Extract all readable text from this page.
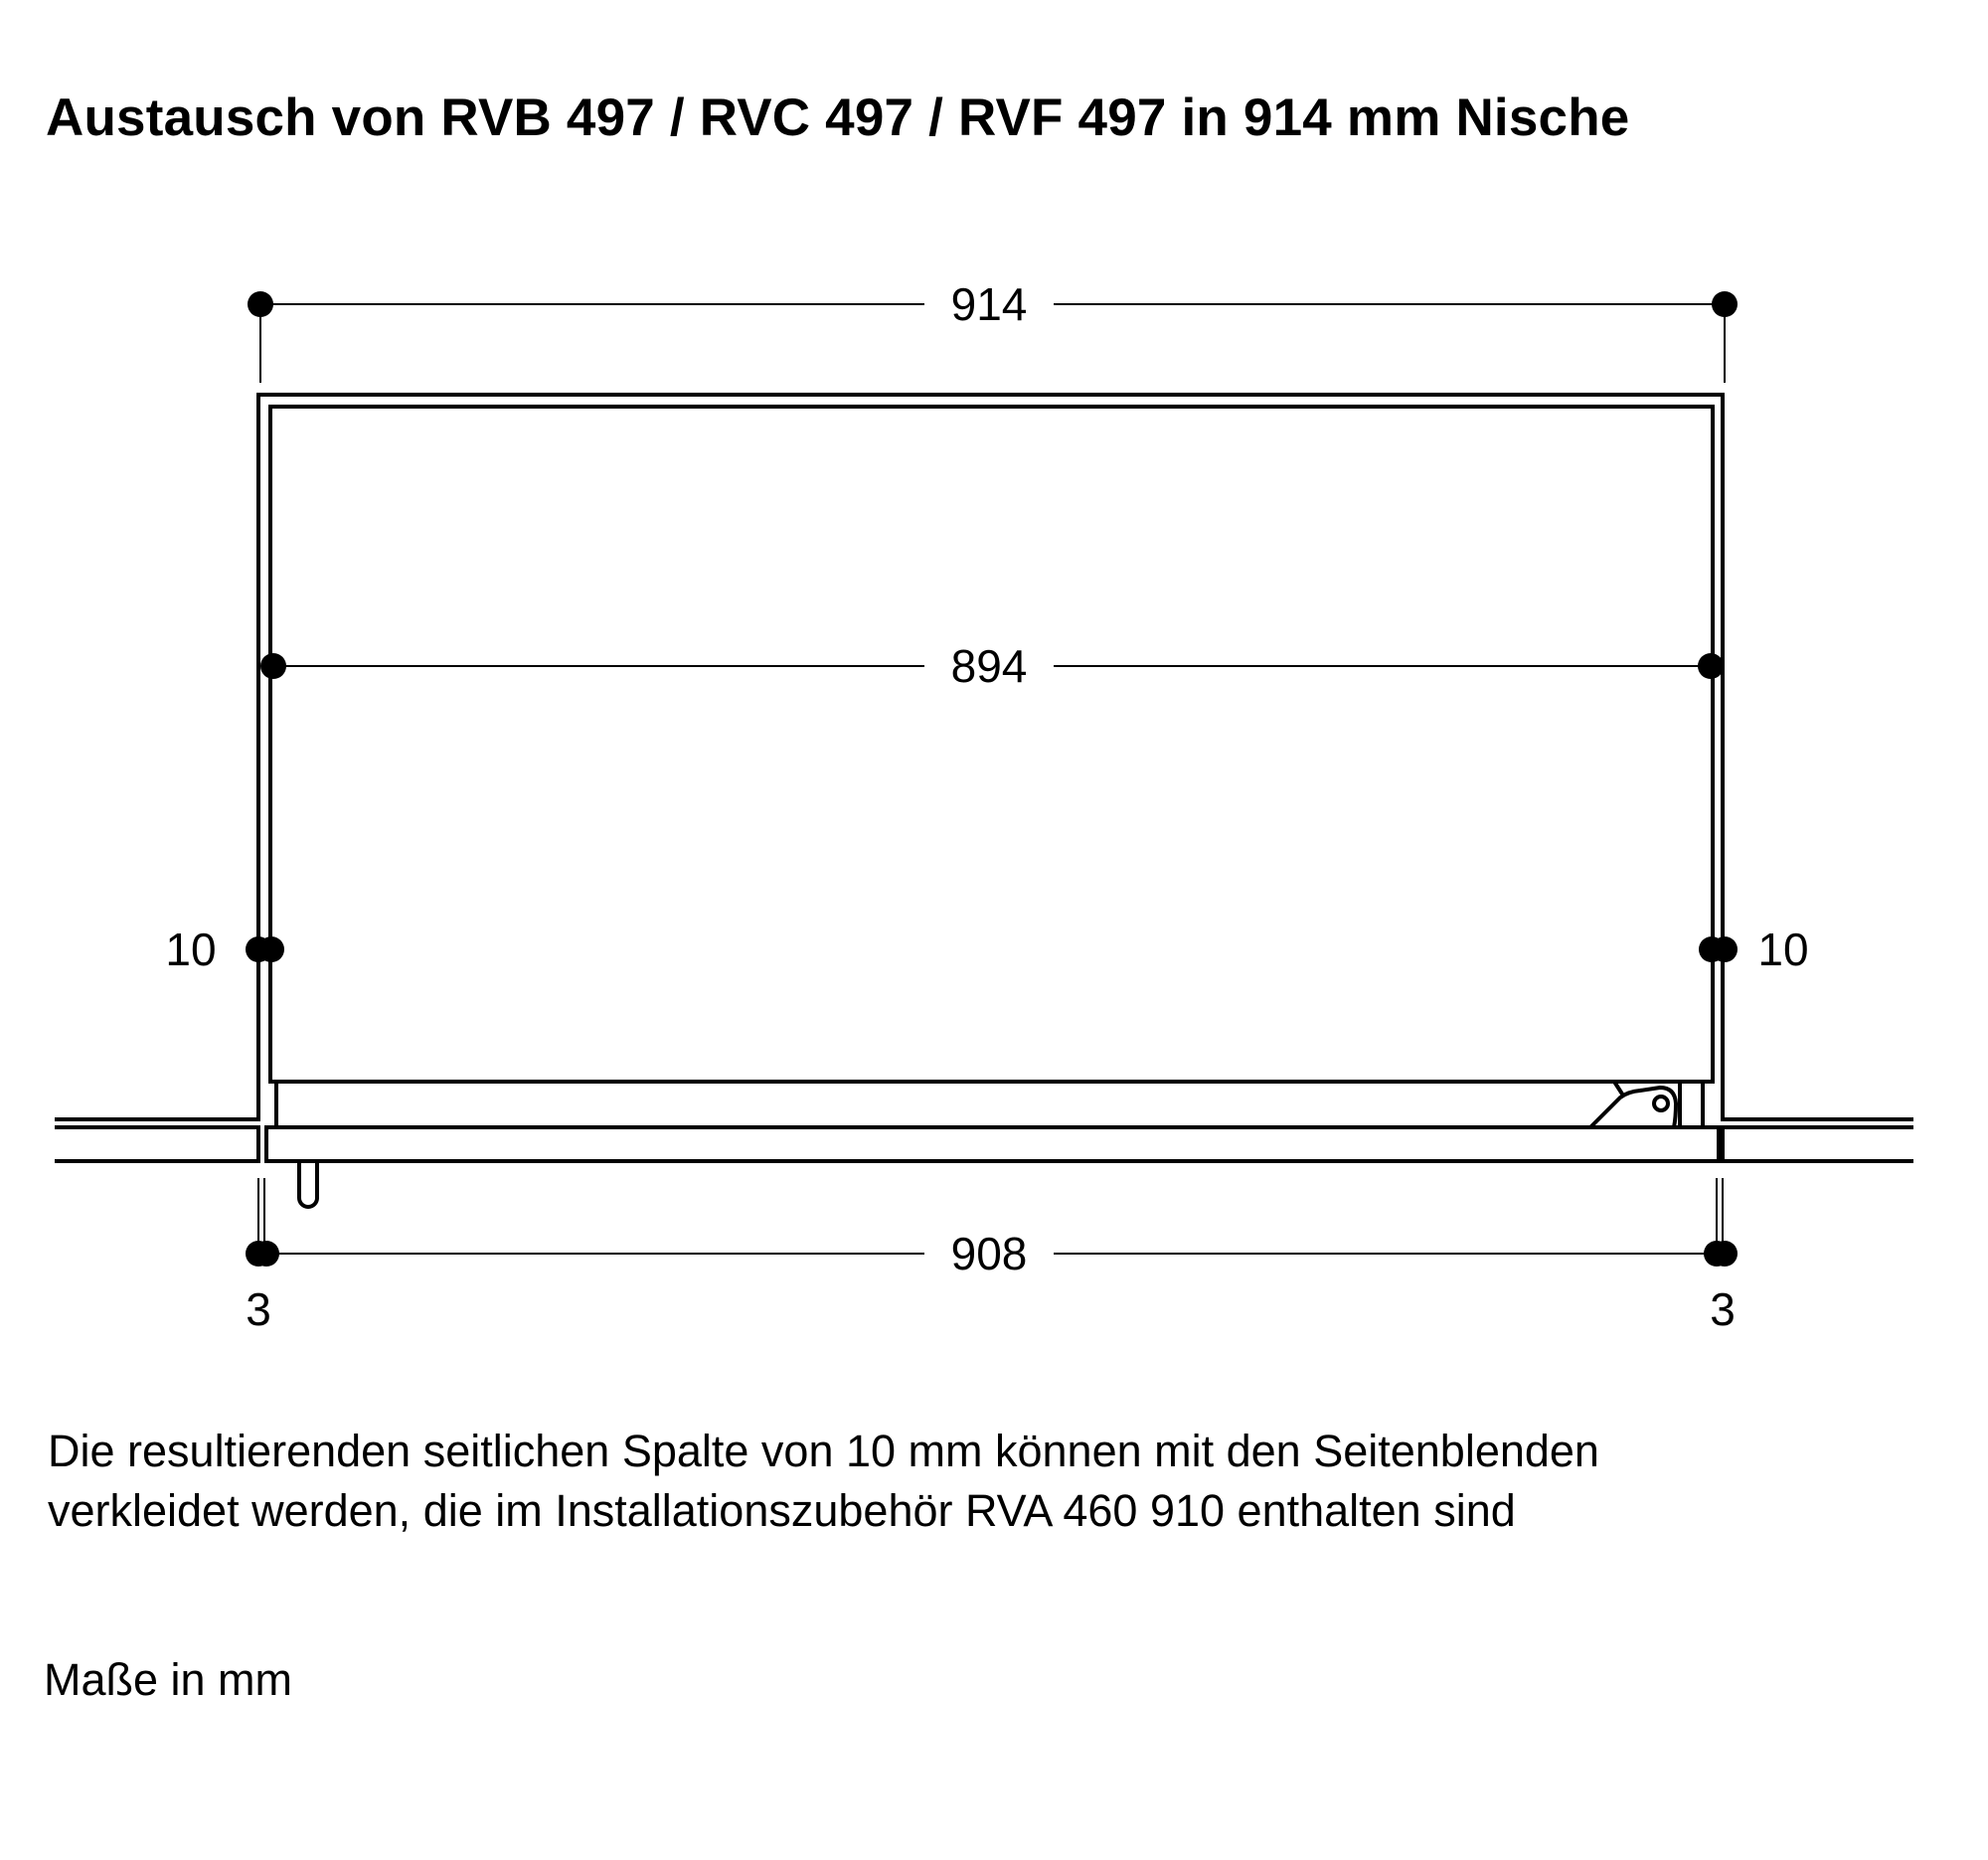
Austausch von RVB 497 / RVC 497 / RVF 497 in 914 mm Nische
914
894
10	10
908
3	3
Die resultierenden seitlichen Spalte von 10 mm können mit den Seitenblenden
verkleidet werden, die im Installationszubehör RVA 460 910 enthalten sind
Maße in mm
